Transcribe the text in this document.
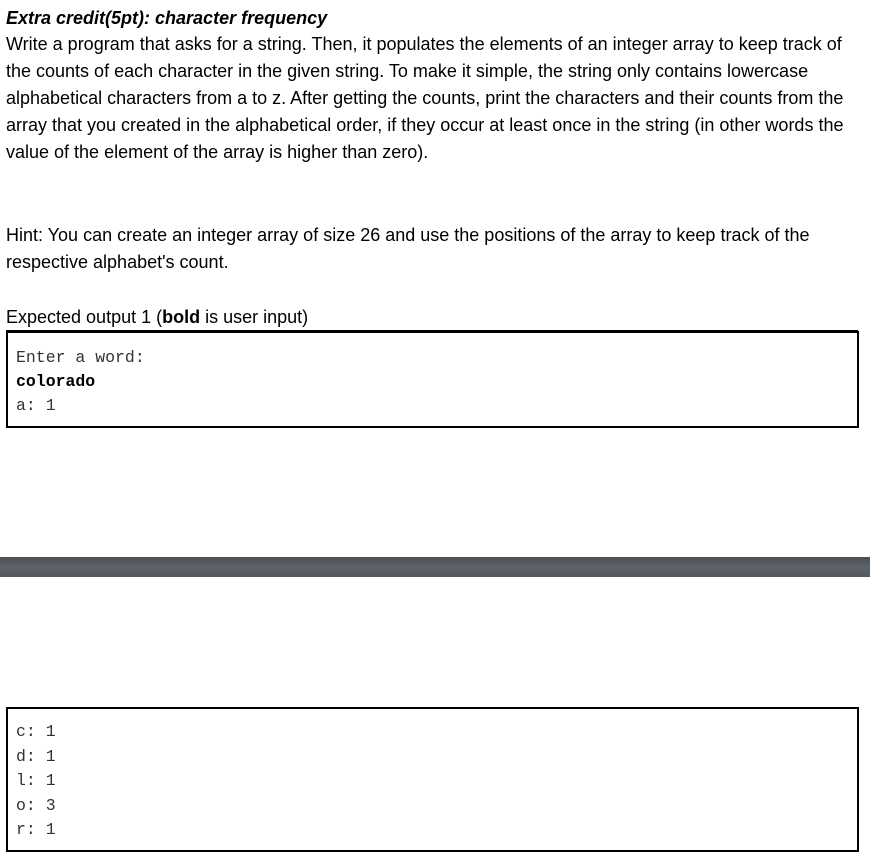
Extra credit(5pt): character frequency

Write a program that asks for a string. Then, it populates the elements of an integer array to keep track of the counts of each character in the given string. To make it simple, the string only contains lowercase alphabetical characters from a to z. After getting the counts, print the characters and their counts from the array that you created in the alphabetical order, if they occur at least once in the string (in other words the value of the element of the array is higher than zero).

Hint: You can create an integer array of size 26 and use the positions of the array to keep track of the respective alphabet's count.

Expected output 1 (bold is user input)
Enter a word:
colorado
a: 1
c: 1
d: 1
l: 1
o: 3
r: 1
